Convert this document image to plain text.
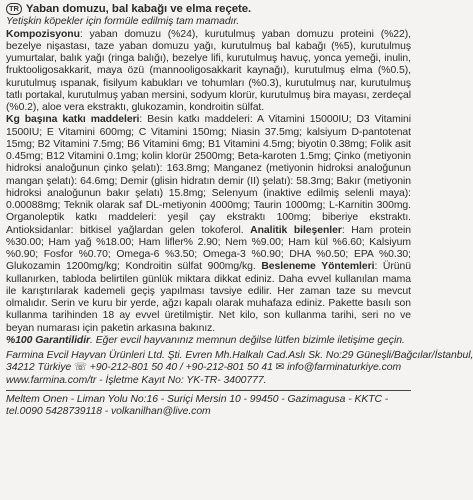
TR Yaban domuzu, bal kabağı ve elma reçete.
Yetişkin köpekler için formüle edilmiş tam mamadır.

Kompozisyonu: yaban domuzu (%24), kurutulmuş yaban domuzu proteini (%22), bezelye nişastası, taze yaban domuzu yağı, kurutulmuş bal kabağı (%5), kurutulmuş yumurtalar, balık yağı (ringa balığı), bezelye lifi, kurutulmuş havuç, yonca yemeği, inulin, fruktooligosakkarit, maya özü (mannooligosakkarit kaynağı), kurutulmuş elma (%0.5), kurutulmuş ıspanak, fisilyum kabukları ve tohumları (%0.3), kurutulmuş nar, kurutulmuş tatlı portakal, kurutulmuş yaban mersini, sodyum klorür, kurutulmuş bira mayası, zerdeçal (%0.2), aloe vera ekstraktı, glukozamin, kondroitin sülfat.

Kg başına katkı maddeleri: Besin katkı maddeleri: A Vitamini 15000IU; D3 Vitamini 1500IU; E Vitamini 600mg; C Vitamini 150mg; Niasin 37.5mg; kalsiyum D-pantotenat 15mg; B2 Vitamini 7.5mg; B6 Vitamini 6mg; B1 Vitamini 4.5mg; biyotin 0.38mg; Folik asit 0.45mg; B12 Vitamini 0.1mg; kolin klorür 2500mg; Beta-karoten 1.5mg; Çinko (metiyonin hidroksi analoğunun çinko şelatı): 163.8mg; Manganez (metiyonin hidroksi analoğunun mangan şelatı): 64.6mg; Demir (glisin hidratın demir (II) şelatı): 58.3mg; Bakır (metiyonin hidroksi analoğunun bakır şelatı) 15.8mg; Selenyum (inaktive edilmiş selenli maya): 0.00088mg; Teknik olarak saf DL-metiyonin 4000mg; Taurin 1000mg; L-Karnitin 300mg. Organoleptik katkı maddeleri: yeşil çay ekstraktı 100mg; biberiye ekstraktı. Antioksidanlar: bitkisel yağlardan gelen tokoferol. Analitik bileşenler: Ham protein %30.00; Ham yağ %18.00; Ham lifler% 2.90; Nem %9.00; Ham kül %6.60; Kalsiyum %0.90; Fosfor %0.70; Omega-6 %3.50; Omega-3 %0.90; DHA %0.50; EPA %0.30; Glukozamin 1200mg/kg; Kondroitin sülfat 900mg/kg. Besleneme Yöntemleri: Ürünü kullanırken, tabloda belirtilen günlük miktara dikkat ediniz. Daha evvel kullanılan mama ile karıştırılarak kademeli geçiş yapılması tavsiye edilir. Her zaman taze su mevcut olmalıdır. Serin ve kuru bir yerde, ağzı kapalı olarak muhafaza ediniz. Pakette basılı son kullanma tarihinden 18 ay evvel üretilmiştir. Net kilo, son kullanma tarihi, seri no ve beyan numarası için paketin arkasına bakınız.

%100 Garantilidir. Eğer evcil hayvanınız memnun değilse lütfen bizimle iletişime geçin.

Farmina Evcil Hayvan Ürünleri Ltd. Şti. Evren Mh.Halkalı Cad.Aslı Sk. No:29 Güneşli/Bağcılar/İstanbul,
34212 Türkiye ☏ +90-212-801 50 40 / +90-212-801 50 41 ✉ info@farminaturkiye.com
www.farmina.com/tr - İşletme Kayıt No: YK-TR- 3400777.
Meltem Onen - Liman Yolu No:16 - Suriçi Mersin 10 - 99450 - Gazimagusa - KKTC -
tel.0090 5428739118 - volkanilhan@live.com
